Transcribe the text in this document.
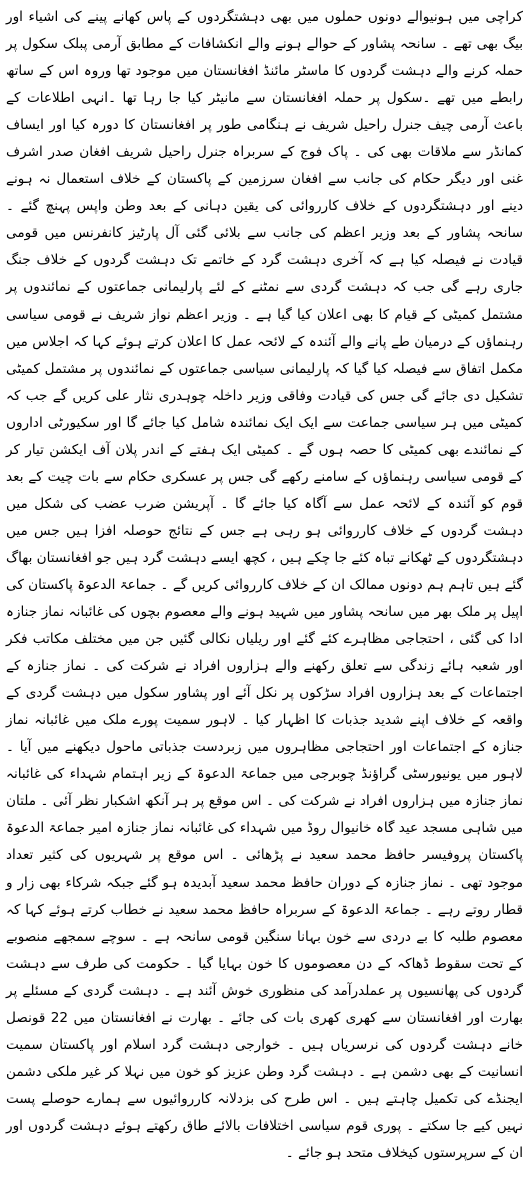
کراچی میں ہونیوالے دونوں حملوں میں بھی دہشتگردوں کے پاس کھانے پینے کی اشیاء اور بیگ بھی تھے ۔ سانحہ پشاور کے حوالے ہونے والے انکشافات کے مطابق آرمی پبلک سکول پر حملہ کرنے والے دہشت گردوں کا ماسٹر مائنڈ افغانستان میں موجود تھا وروہ اس کے ساتھ رابطے میں تھے ۔سکول پر حملہ افغانستان سے مانیٹر کیا جا رہا تھا ۔انہی اطلاعات کے باعث آرمی چیف جنرل راحیل شریف نے ہنگامی طور پر افغانستان کا دورہ کیا اور ایساف کمانڈر سے ملاقات بھی کی ۔ پاک فوج کے سربراہ جنرل راحیل شریف افغان صدر اشرف غنی اور دیگر حکام کی جانب سے افغان سرزمین کے پاکستان کے خلاف استعمال نہ ہونے دینے اور دہشتگردوں کے خلاف کارروائی کی یقین دہانی کے بعد وطن واپس پہنچ گئے ۔ سانحہ پشاور کے بعد وزیر اعظم کی جانب سے بلائی گئی آل پارٹیز کانفرنس میں قومی قیادت نے فیصلہ کیا ہے کہ آخری دہشت گرد کے خاتمے تک دہشت گردوں کے خلاف جنگ جاری رہے گی جب کہ دہشت گردی سے نمٹنے کے لئے پارلیمانی جماعتوں کے نمائندوں پر مشتمل کمیٹی کے قیام کا بھی اعلان کیا گیا ہے ۔ وزیر اعظم نواز شریف نے قومی سیاسی رہنماؤں کے درمیان طے پانے والے آئندہ کے لائحہ عمل کا اعلان کرتے ہوئے کہا کہ اجلاس میں مکمل اتفاق سے فیصلہ کیا گیا کہ پارلیمانی سیاسی جماعتوں کے نمائندوں پر مشتمل کمیٹی تشکیل دی جائے گی جس کی قیادت وفاقی وزیر داخلہ چوہدری نثار علی کریں گے جب کہ کمیٹی میں ہر سیاسی جماعت سے ایک ایک نمائندہ شامل کیا جائے گا اور سکیورٹی اداروں کے نمائندے بھی کمیٹی کا حصہ ہوں گے ۔ کمیٹی ایک ہفتے کے اندر پلان آف ایکشن تیار کر کے قومی سیاسی رہنماؤں کے سامنے رکھے گی جس پر عسکری حکام سے بات چیت کے بعد قوم کو آئندہ کے لائحہ عمل سے آگاہ کیا جائے گا ۔ آپریشن ضرب عضب کی شکل میں دہشت گردوں کے خلاف کارروائی ہو رہی ہے جس کے نتائج حوصلہ افزا ہیں جس میں دہشتگردوں کے ٹھکانے تباہ کئے جا چکے ہیں ، کچھ ایسے دہشت گرد ہیں جو افغانستان بھاگ گئے ہیں تاہم ہم دونوں ممالک ان کے خلاف کارروائی کریں گے ۔ جماعۃ الدعوۃ پاکستان کی اپیل پر ملک بھر میں سانحہ پشاور میں شہید ہونے والے معصوم بچوں کی غائبانہ نماز جنازہ ادا کی گئی ، احتجاجی مظاہرے کئے گئے اور ریلیاں نکالی گئیں جن میں مختلف مکاتب فکر اور شعبہ ہائے زندگی سے تعلق رکھنے والے ہزاروں افراد نے شرکت کی ۔ نماز جنازہ کے اجتماعات کے بعد ہزاروں افراد سڑکوں پر نکل آئے اور پشاور سکول میں دہشت گردی کے واقعہ کے خلاف اپنے شدید جذبات کا اظہار کیا ۔ لاہور سمیت پورے ملک میں غائبانہ نماز جنازہ کے اجتماعات اور احتجاجی مظاہروں میں زبردست جذباتی ماحول دیکھنے میں آیا ۔ لاہور میں یونیورسٹی گراؤنڈ چوبرجی میں جماعۃ الدعوۃ کے زیر اہتمام شہداء کی غائبانہ نماز جنازہ میں ہزاروں افراد نے شرکت کی ۔ اس موقع پر ہر آنکھ اشکبار نظر آئی ۔ ملتان میں شاہی مسجد عید گاہ خانیوال روڈ میں شہداء کی غائبانہ نماز جنازہ امیر جماعۃ الدعوۃ پاکستان پروفیسر حافظ محمد سعید نے پڑھائی ۔ اس موقع پر شہریوں کی کثیر تعداد موجود تھی ۔ نماز جنازہ کے دوران حافظ محمد سعید آبدیدہ ہو گئے جبکہ شرکاء بھی زار و قطار روتے رہے ۔ جماعۃ الدعوۃ کے سربراہ حافظ محمد سعید نے خطاب کرتے ہوئے کہا کہ معصوم طلبہ کا بے دردی سے خون بہانا سنگین قومی سانحہ ہے ۔ سوچے سمجھے منصوبے کے تحت سقوط ڈھاکہ کے دن معصوموں کا خون بہایا گیا ۔ حکومت کی طرف سے دہشت گردوں کی پھانسیوں پر عملدرآمد کی منظوری خوش آئند ہے ۔ دہشت گردی کے مسئلے پر بھارت اور افغانستان سے کھری کھری بات کی جائے ۔ بھارت نے افغانستان میں 22 قونصل خانے دہشت گردوں کی نرسریاں ہیں ۔ خوارجی دہشت گرد اسلام اور پاکستان سمیت انسانیت کے بھی دشمن ہے ۔ دہشت گرد وطن عزیز کو خون میں نہلا کر غیر ملکی دشمن ایجنڈے کی تکمیل چاہتے ہیں ۔ اس طرح کی بزدلانہ کارروائیوں سے ہمارے حوصلے پست نہیں کیے جا سکتے ۔ پوری قوم سیاسی اختلافات بالائے طاق رکھتے ہوئے دہشت گردوں اور ان کے سرپرستوں کیخلاف متحد ہو جائے ۔
